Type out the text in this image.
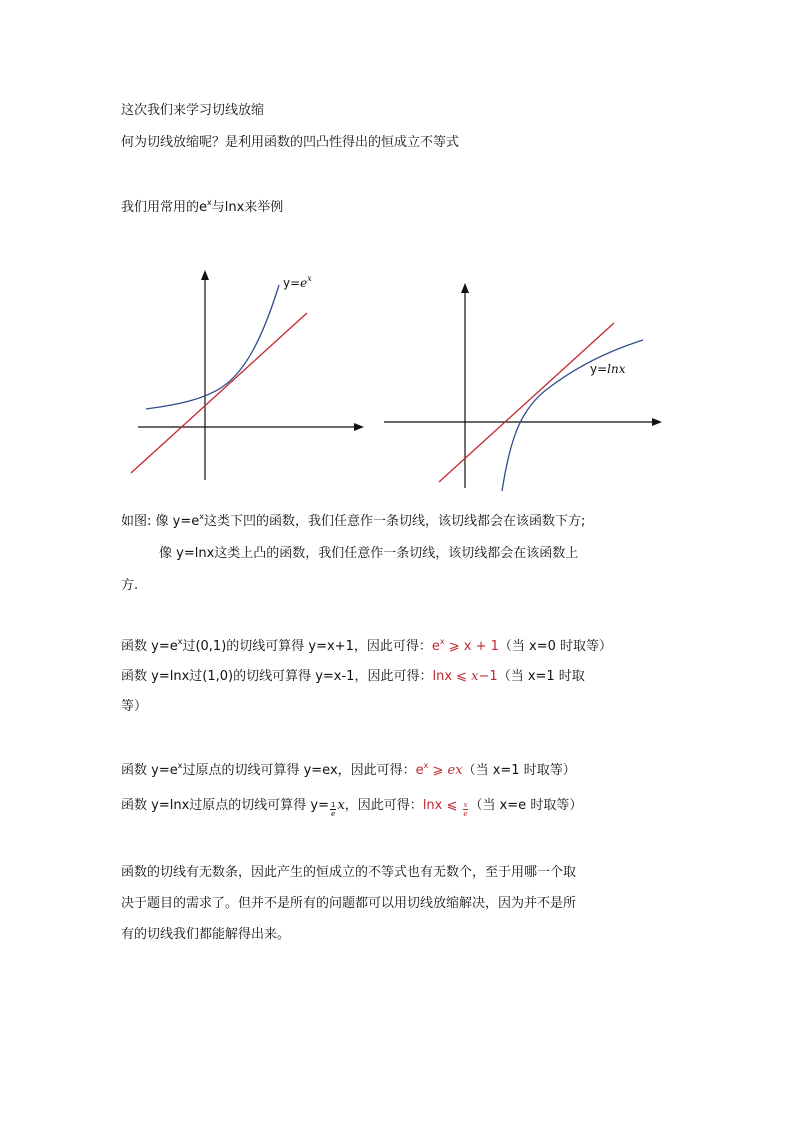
这次我们来学习切线放缩
何为切线放缩呢？是利用函数的凹凸性得出的恒成立不等式
我们用常用的$e^x$与lnx来举例
$y=e^x$
y=lnx
如图: 像 $y=e^x$这类下凹的函数，我们任意作一条切线，该切线都会在该函数下方;
像 y=lnx这类上凸的函数，我们任意作一条切线，该切线都会在该函数上
方.
函数 $y=e^x$过(0,1)的切线可算得 y=x+1，因此可得：$e^x$ ⩾ x + 1（当 x=0 时取等）
函数 y=lnx过(1,0)的切线可算得 y=x-1，因此可得：lnx ⩽ x−1（当 x=1 时取
等）
函数 $y=e^x$过原点的切线可算得 y=ex，因此可得：$e^x$ ⩾ ex（当 x=1 时取等）
函数 y=lnx过原点的切线可算得 $y= \frac{1}{e}$ x，因此可得：lnx ⩽ $\frac{x}{e}$ （当 x=e 时取等）
函数的切线有无数条，因此产生的恒成立的不等式也有无数个，至于用哪一个取
决于题目的需求了。但并不是所有的问题都可以用切线放缩解决，因为并不是所
有的切线我们都能解得出来。
